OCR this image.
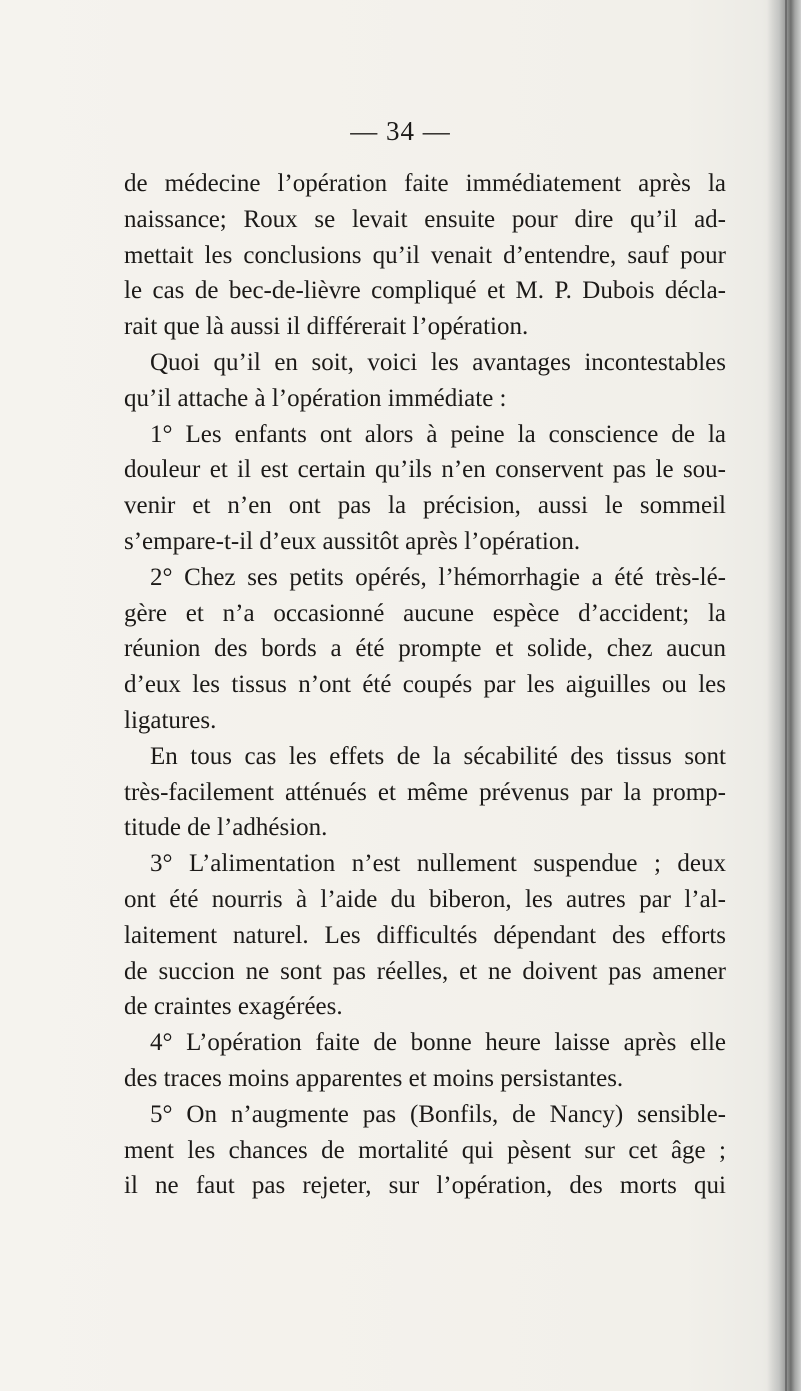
— 34 —
de médecine l’opération faite immédiatement après la
naissance; Roux se levait ensuite pour dire qu’il ad-
mettait les conclusions qu’il venait d’entendre, sauf pour
le cas de bec-de-lièvre compliqué et M. P. Dubois décla-
rait que là aussi il différerait l’opération.
Quoi qu’il en soit, voici les avantages incontestables
qu’il attache à l’opération immédiate :
1° Les enfants ont alors à peine la conscience de la
douleur et il est certain qu’ils n’en conservent pas le sou-
venir et n’en ont pas la précision, aussi le sommeil
s’empare-t-il d’eux aussitôt après l’opération.
2° Chez ses petits opérés, l’hémorrhagie a été très-lé-
gère et n’a occasionné aucune espèce d’accident; la
réunion des bords a été prompte et solide, chez aucun
d’eux les tissus n’ont été coupés par les aiguilles ou les
ligatures.
En tous cas les effets de la sécabilité des tissus sont
très-facilement atténués et même prévenus par la promp-
titude de l’adhésion.
3° L’alimentation n’est nullement suspendue ; deux
ont été nourris à l’aide du biberon, les autres par l’al-
laitement naturel. Les difficultés dépendant des efforts
de succion ne sont pas réelles, et ne doivent pas amener
de craintes exagérées.
4° L’opération faite de bonne heure laisse après elle
des traces moins apparentes et moins persistantes.
5° On n’augmente pas (Bonfils, de Nancy) sensible-
ment les chances de mortalité qui pèsent sur cet âge ;
il ne faut pas rejeter, sur l’opération, des morts qui
